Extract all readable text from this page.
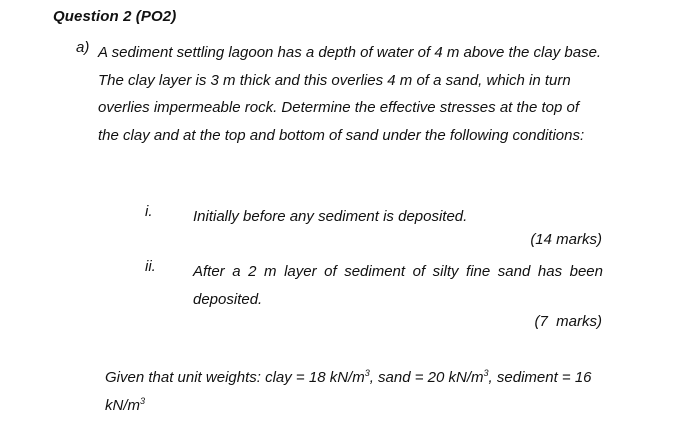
Question 2 (PO2)
a) A sediment settling lagoon has a depth of water of 4 m above the clay base. The clay layer is 3 m thick and this overlies 4 m of a sand, which in turn overlies impermeable rock. Determine the effective stresses at the top of the clay and at the top and bottom of sand under the following conditions:
i.	Initially before any sediment is deposited.
(14 marks)
ii. After a 2 m layer of sediment of silty fine sand has been deposited.
(7  marks)
Given that unit weights: clay = 18 $kN/m^3$, sand = 20 $kN/m^3$, sediment = 16 $kN/m^3$
